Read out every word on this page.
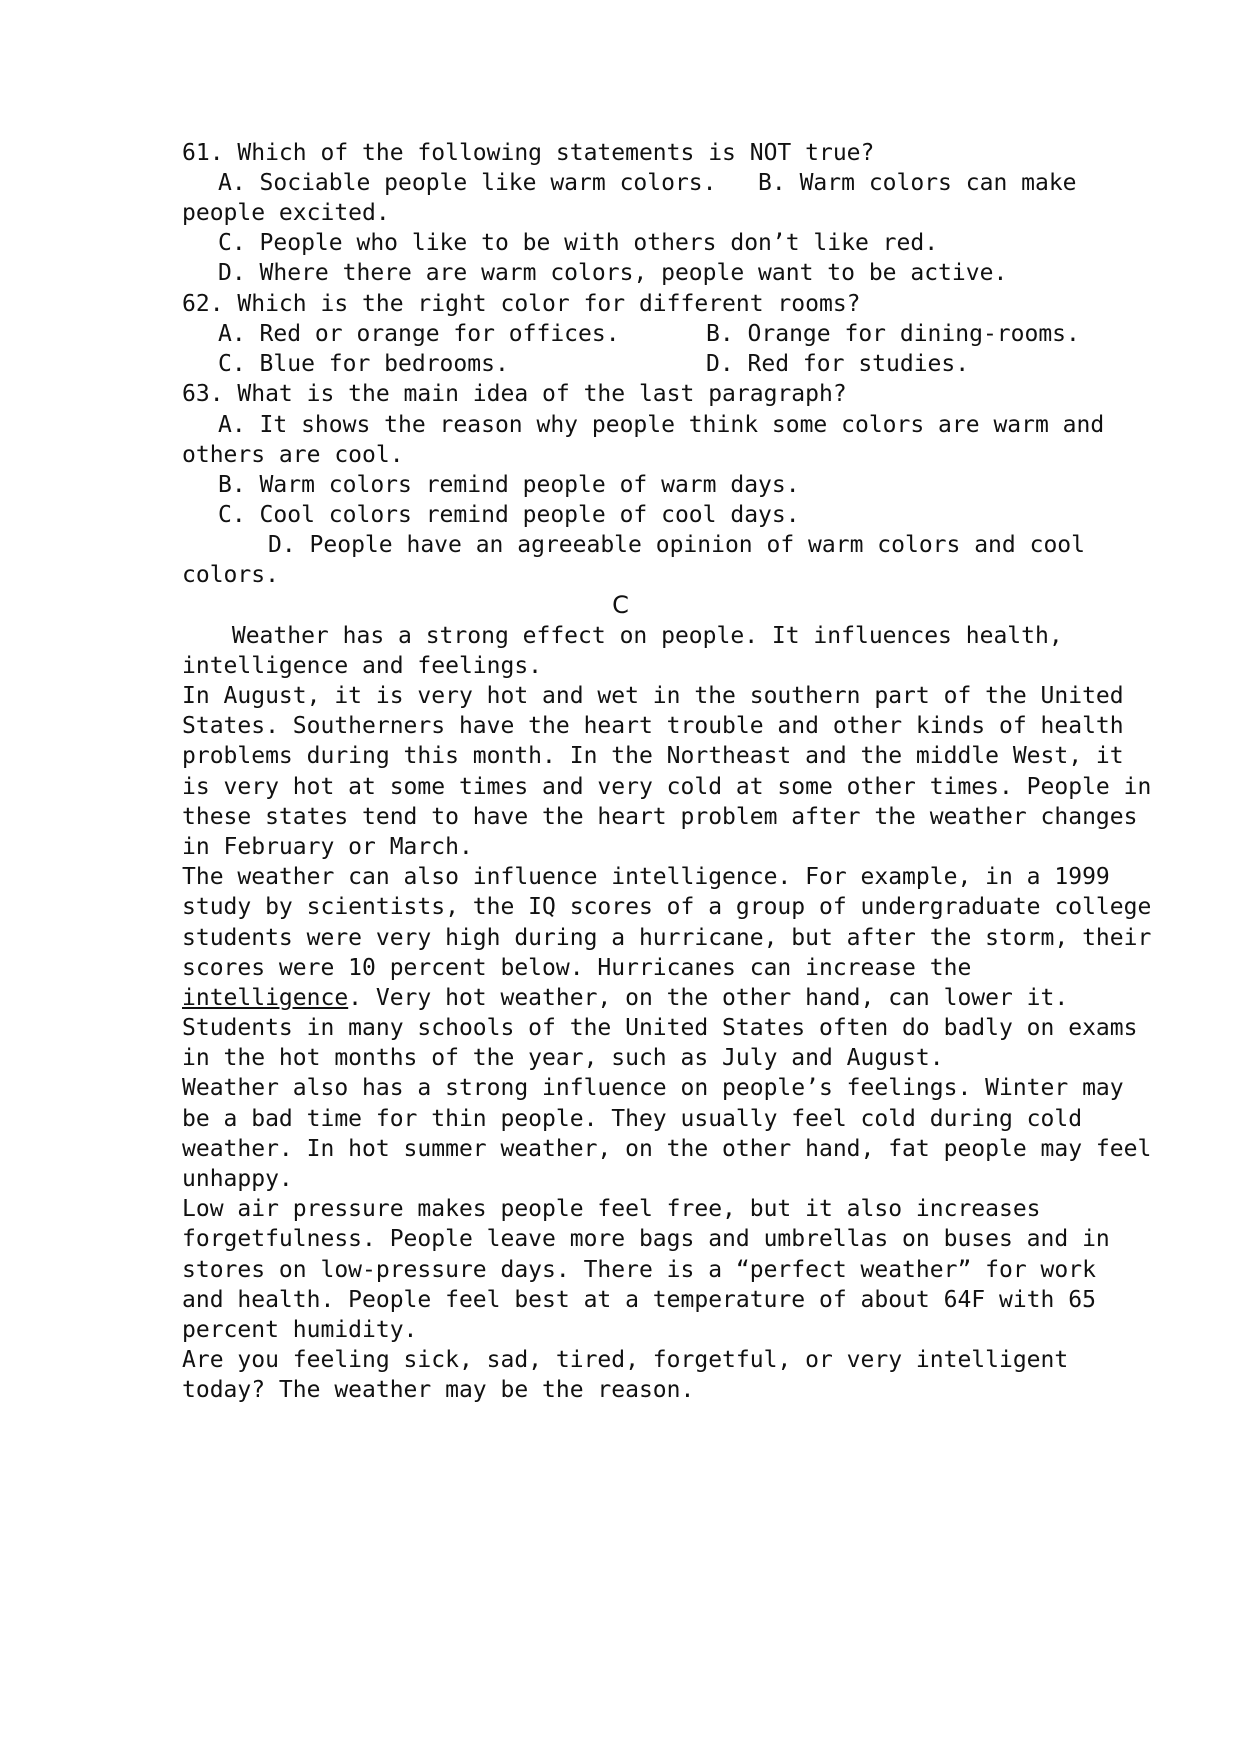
61. Which of the following statements is NOT true?
A. Sociable people like warm colors.   B. Warm colors can make
people excited.
C. People who like to be with others don’t like red.
D. Where there are warm colors, people want to be active.
62. Which is the right color for different rooms?
A. Red or orange for offices.	B. Orange for dining-rooms.
C. Blue for bedrooms.	D. Red for studies.
63. What is the main idea of the last paragraph?
A. It shows the reason why people think some colors are warm and
others are cool.
B. Warm colors remind people of warm days.
C. Cool colors remind people of cool days.
D. People have an agreeable opinion of warm colors and cool
colors.
C
Weather has a strong effect on people. It influences health,
intelligence and feelings.
In August, it is very hot and wet in the southern part of the United
States. Southerners have the heart trouble and other kinds of health
problems during this month. In the Northeast and the middle West, it
is very hot at some times and very cold at some other times. People in
these states tend to have the heart problem after the weather changes
in February or March.
The weather can also influence intelligence. For example, in a 1999
study by scientists, the IQ scores of a group of undergraduate college
students were very high during a hurricane, but after the storm, their
scores were 10 percent below. Hurricanes can increase the
intelligence. Very hot weather, on the other hand, can lower it.
Students in many schools of the United States often do badly on exams
in the hot months of the year, such as July and August.
Weather also has a strong influence on people’s feelings. Winter may
be a bad time for thin people. They usually feel cold during cold
weather. In hot summer weather, on the other hand, fat people may feel
unhappy.
Low air pressure makes people feel free, but it also increases
forgetfulness. People leave more bags and umbrellas on buses and in
stores on low-pressure days. There is a “perfect weather” for work
and health. People feel best at a temperature of about 64F with 65
percent humidity.
Are you feeling sick, sad, tired, forgetful, or very intelligent
today? The weather may be the reason.
